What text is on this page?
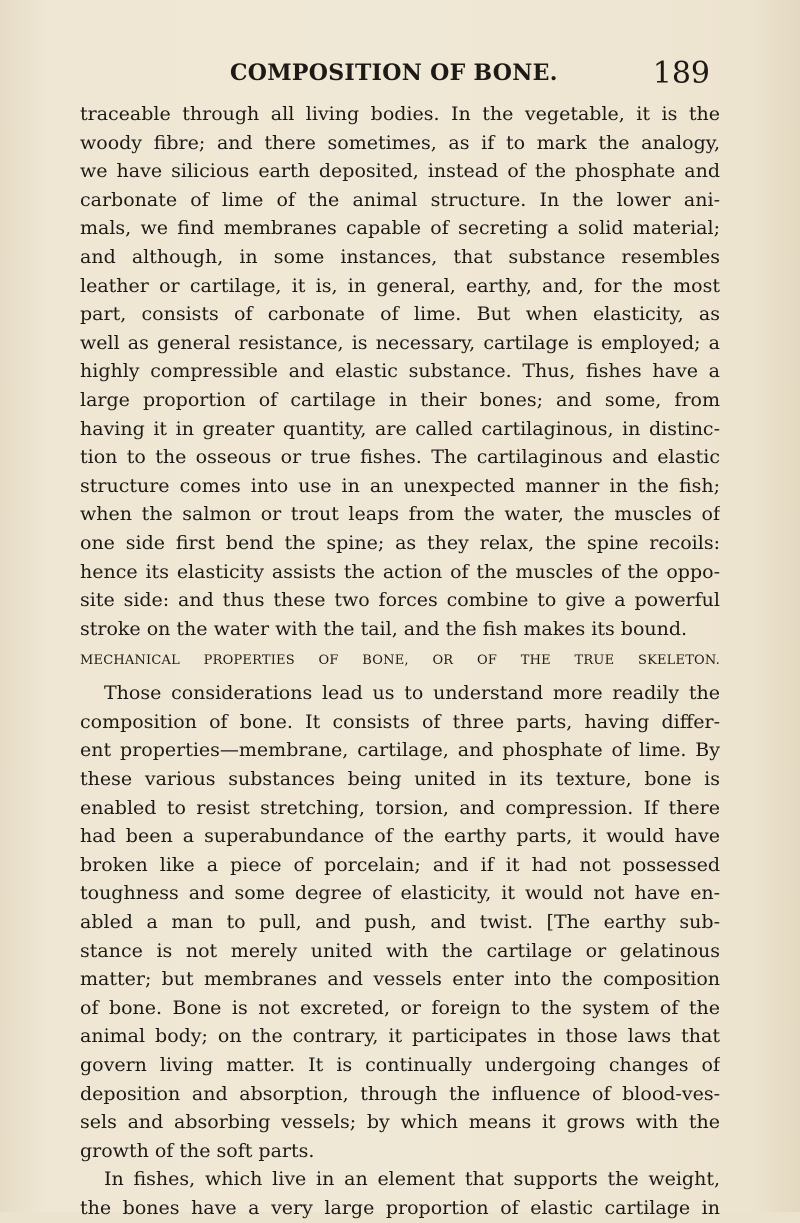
COMPOSITION OF BONE.	189
traceable through all living bodies. In the vegetable, it is the
woody fibre; and there sometimes, as if to mark the analogy,
we have silicious earth deposited, instead of the phosphate and
carbonate of lime of the animal structure. In the lower ani-
mals, we find membranes capable of secreting a solid material;
and although, in some instances, that substance resembles
leather or cartilage, it is, in general, earthy, and, for the most
part, consists of carbonate of lime. But when elasticity, as
well as general resistance, is necessary, cartilage is employed; a
highly compressible and elastic substance. Thus, fishes have a
large proportion of cartilage in their bones; and some, from
having it in greater quantity, are called cartilaginous, in distinc-
tion to the osseous or true fishes. The cartilaginous and elastic
structure comes into use in an unexpected manner in the fish;
when the salmon or trout leaps from the water, the muscles of
one side first bend the spine; as they relax, the spine recoils:
hence its elasticity assists the action of the muscles of the oppo-
site side: and thus these two forces combine to give a powerful
stroke on the water with the tail, and the fish makes its bound.
MECHANICAL PROPERTIES OF BONE, OR OF THE TRUE SKELETON.
Those considerations lead us to understand more readily the
composition of bone. It consists of three parts, having differ-
ent properties—membrane, cartilage, and phosphate of lime. By
these various substances being united in its texture, bone is
enabled to resist stretching, torsion, and compression. If there
had been a superabundance of the earthy parts, it would have
broken like a piece of porcelain; and if it had not possessed
toughness and some degree of elasticity, it would not have en-
abled a man to pull, and push, and twist. [The earthy sub-
stance is not merely united with the cartilage or gelatinous
matter; but membranes and vessels enter into the composition
of bone. Bone is not excreted, or foreign to the system of the
animal body; on the contrary, it participates in those laws that
govern living matter. It is continually undergoing changes of
deposition and absorption, through the influence of blood-ves-
sels and absorbing vessels; by which means it grows with the
growth of the soft parts.
In fishes, which live in an element that supports the weight,
the bones have a very large proportion of elastic cartilage in
